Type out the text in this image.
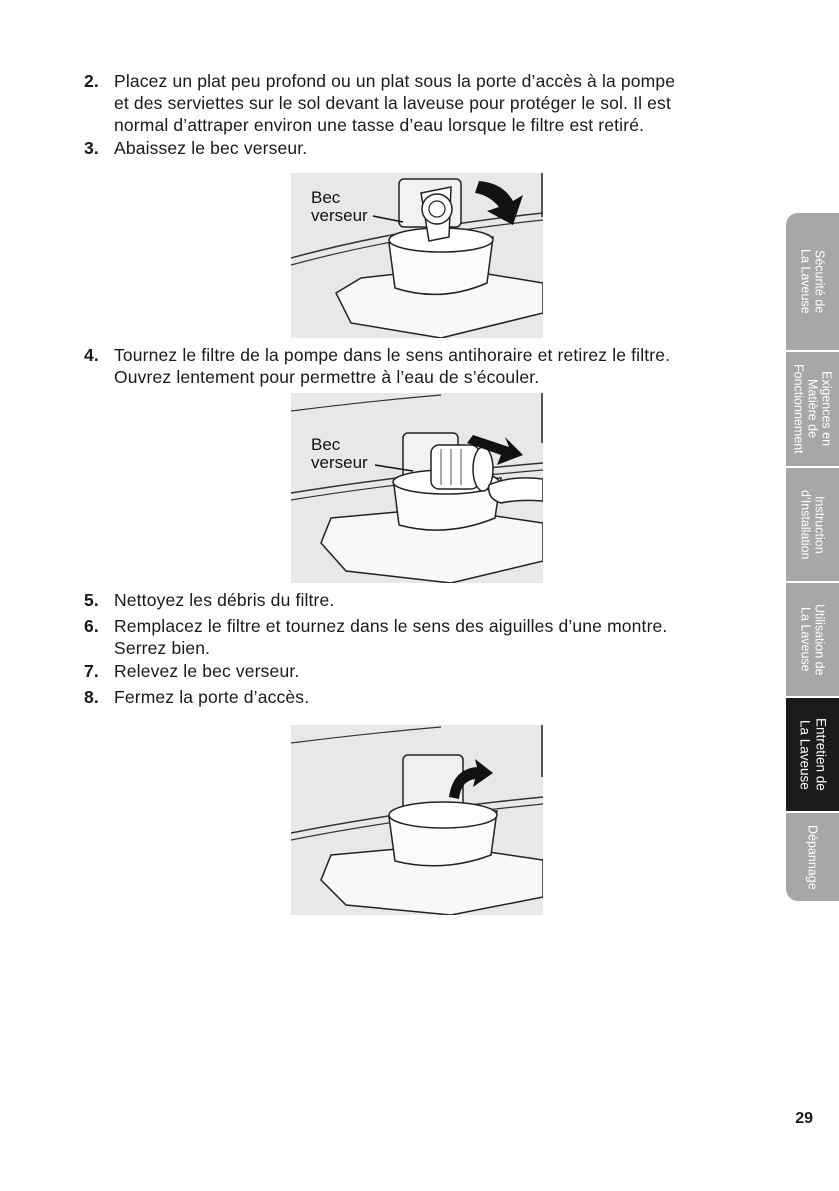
2. Placez un plat peu profond ou un plat sous la porte d’accès à la pompe
et des serviettes sur le sol devant la laveuse pour protéger le sol. Il est
normal d’attraper environ une tasse d’eau lorsque le filtre est retiré.
3. Abaissez le bec verseur.
Bec
verseur
4. Tournez le filtre de la pompe dans le sens antihoraire et retirez le filtre.
Ouvrez lentement pour permettre à l’eau de s’écouler.
Bec
verseur
5. Nettoyez les débris du filtre.
6. Remplacez le filtre et tournez dans le sens des aiguilles d’une montre.
Serrez bien.
7. Relevez le bec verseur.
8. Fermez la porte d’accès.
Sécurité de
La Laveuse
Exigences en
Matière de
Fonctionnement
Instruction
d’Installation
Utilisation de
La Laveuse
Entretien de
La Laveuse
Dépannage
29
